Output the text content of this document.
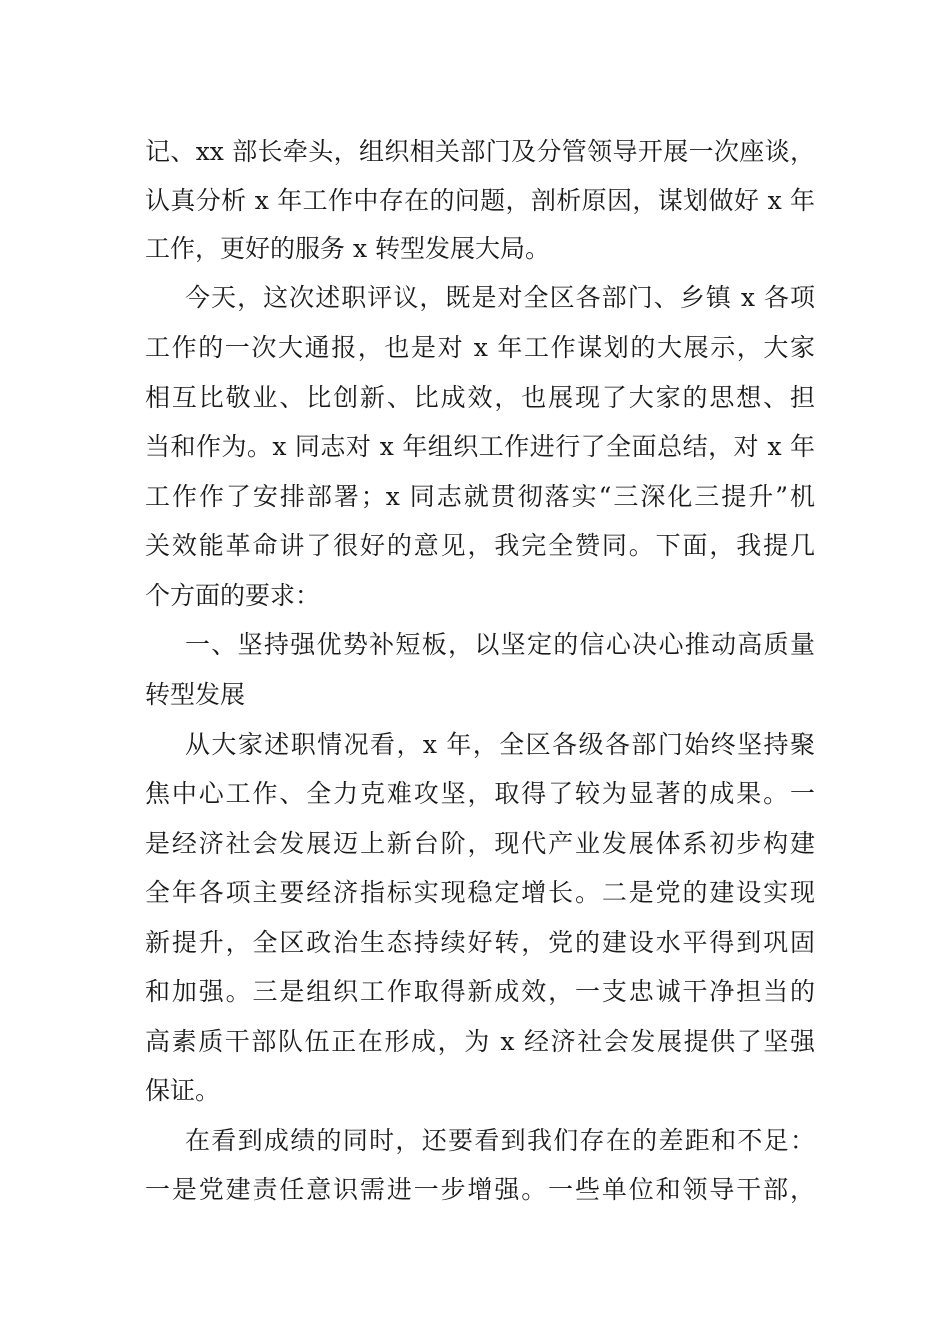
记、xx 部长牵头，组织相关部门及分管领导开展一次座谈，
认真分析 x 年工作中存在的问题，剖析原因，谋划做好 x 年
工作，更好的服务 x 转型发展大局。
今天，这次述职评议，既是对全区各部门、乡镇 x 各项
工作的一次大通报，也是对 x 年工作谋划的大展示，大家
相互比敬业、比创新、比成效，也展现了大家的思想、担
当和作为。x 同志对 x 年组织工作进行了全面总结，对 x 年
工作作了安排部署；x 同志就贯彻落实“三深化三提升”机
关效能革命讲了很好的意见，我完全赞同。下面，我提几
个方面的要求：
一、坚持强优势补短板，以坚定的信心决心推动高质量
转型发展
从大家述职情况看，x 年，全区各级各部门始终坚持聚
焦中心工作、全力克难攻坚，取得了较为显著的成果。一
是经济社会发展迈上新台阶，现代产业发展体系初步构建
全年各项主要经济指标实现稳定增长。二是党的建设实现
新提升，全区政治生态持续好转，党的建设水平得到巩固
和加强。三是组织工作取得新成效，一支忠诚干净担当的
高素质干部队伍正在形成，为 x 经济社会发展提供了坚强
保证。
在看到成绩的同时，还要看到我们存在的差距和不足：
一是党建责任意识需进一步增强。一些单位和领导干部，
